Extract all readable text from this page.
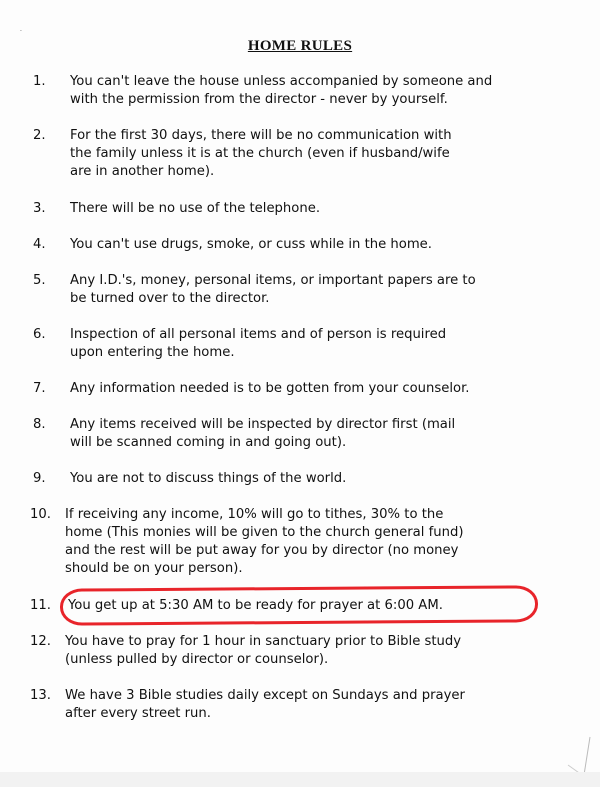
·
HOME RULES
1.	You can't leave the house unless accompanied by someone and
with the permission from the director - never by yourself.
2.	For the first 30 days, there will be no communication with
the family unless it is at the church (even if husband/wife
are in another home).
3.	There will be no use of the telephone.
4.	You can't use drugs, smoke, or cuss while in the home.
5.	Any I.D.'s, money, personal items, or important papers are to
be turned over to the director.
6.	Inspection of all personal items and of person is required
upon entering the home.
7.	Any information needed is to be gotten from your counselor.
8.	Any items received will be inspected by director first (mail
will be scanned coming in and going out).
9.	You are not to discuss things of the world.
10.	If receiving any income, 10% will go to tithes, 30% to the
home (This monies will be given to the church general fund)
and the rest will be put away for you by director (no money
should be on your person).
11.	You get up at 5:30 AM to be ready for prayer at 6:00 AM.
12.	You have to pray for 1 hour in sanctuary prior to Bible study
(unless pulled by director or counselor).
13.	We have 3 Bible studies daily except on Sundays and prayer
after every street run.
